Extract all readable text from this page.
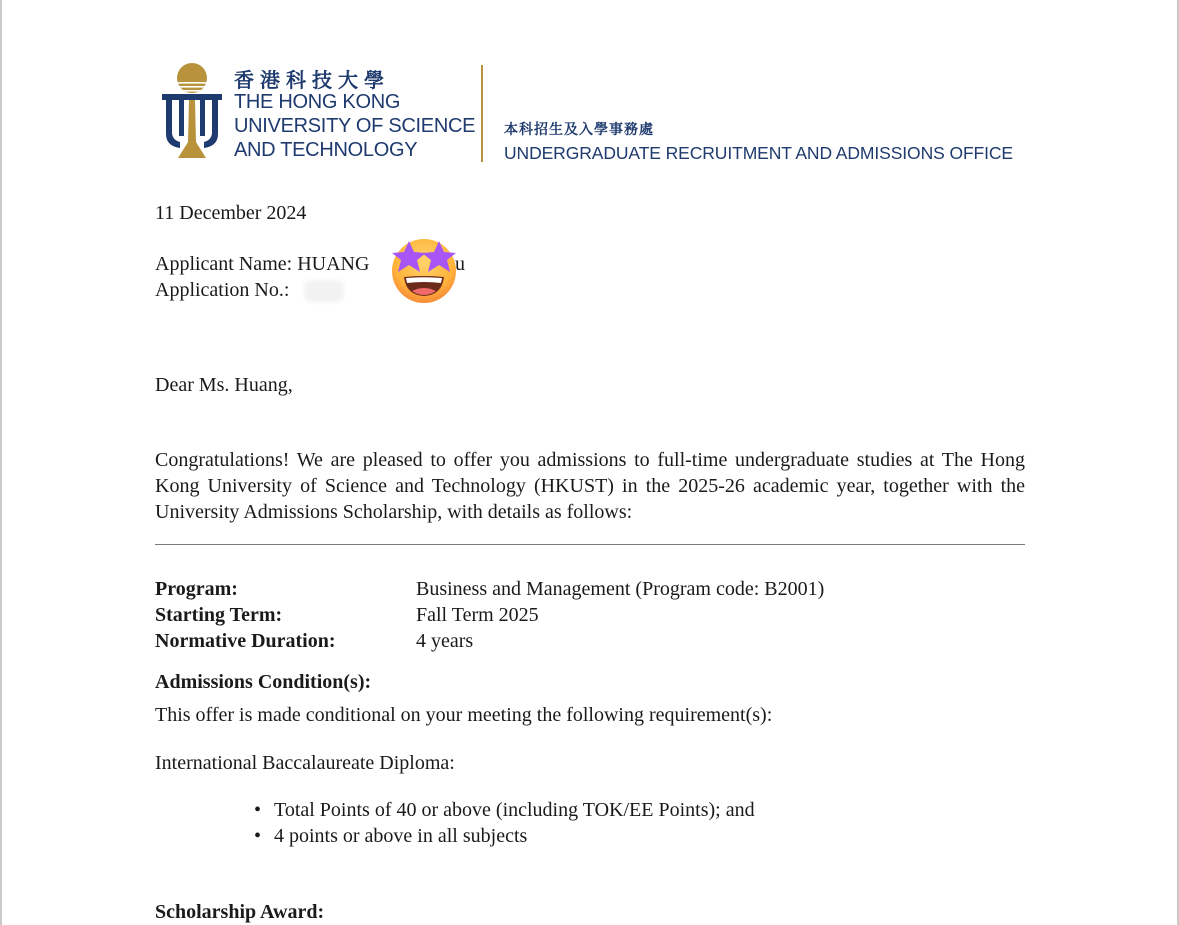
香港科技大學
THE HONG KONG
UNIVERSITY OF SCIENCE
AND TECHNOLOGY
本科招生及入學事務處
UNDERGRADUATE RECRUITMENT AND ADMISSIONS OFFICE
11 December 2024
Applicant Name: HUANG	u
Application No.:
Dear Ms. Huang,
Congratulations! We are pleased to offer you admissions to full-time undergraduate studies at The Hong Kong University of Science and Technology (HKUST) in the 2025-26 academic year, together with the University Admissions Scholarship, with details as follows:
Program:	Business and Management (Program code: B2001)
Starting Term:	Fall Term 2025
Normative Duration:	4 years
Admissions Condition(s):
This offer is made conditional on your meeting the following requirement(s):
International Baccalaureate Diploma:
• Total Points of 40 or above (including TOK/EE Points); and
• 4 points or above in all subjects
Scholarship Award:
